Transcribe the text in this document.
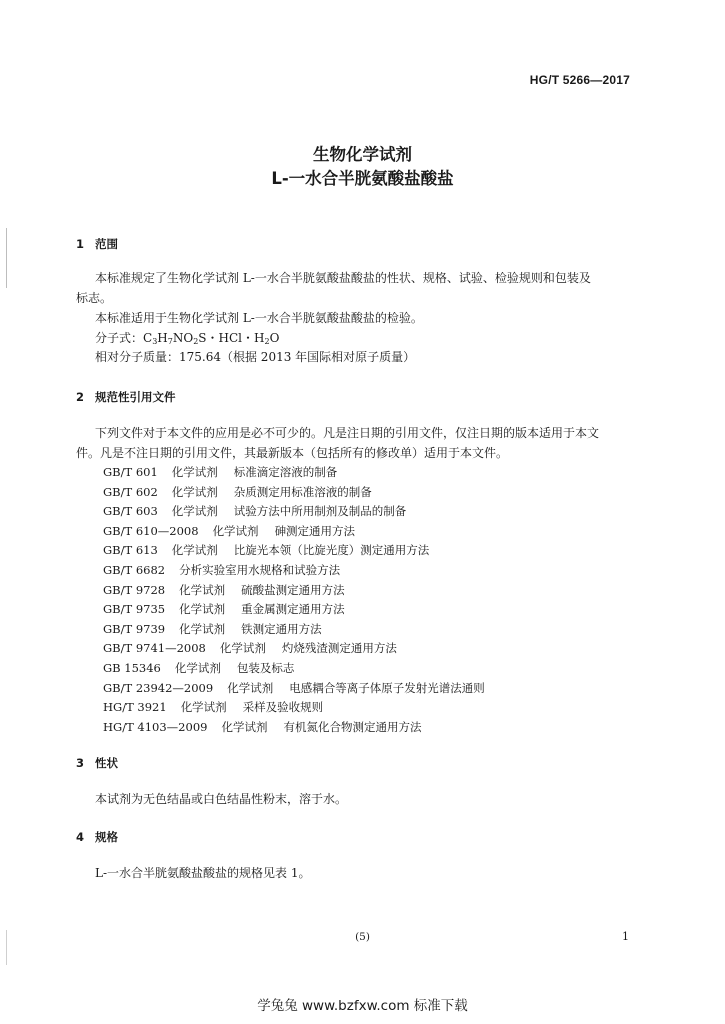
HG/T 5266—2017
生物化学试剂
L-一水合半胱氨酸盐酸盐
1 范围
本标准规定了生物化学试剂 L-一水合半胱氨酸盐酸盐的性状、规格、试验、检验规则和包装及
标志。
本标准适用于生物化学试剂 L-一水合半胱氨酸盐酸盐的检验。
分子式：$C_3H_7NO_2S$・HCl・$H_2O$
相对分子质量：175.64（根据 2013 年国际相对原子质量）
2 规范性引用文件
下列文件对于本文件的应用是必不可少的。凡是注日期的引用文件，仅注日期的版本适用于本文
件。凡是不注日期的引用文件，其最新版本（包括所有的修改单）适用于本文件。
GB/T 601 化学试剂 标准滴定溶液的制备
GB/T 602 化学试剂 杂质测定用标准溶液的制备
GB/T 603 化学试剂 试验方法中所用制剂及制品的制备
GB/T 610—2008 化学试剂 砷测定通用方法
GB/T 613 化学试剂 比旋光本领（比旋光度）测定通用方法
GB/T 6682 分析实验室用水规格和试验方法
GB/T 9728 化学试剂 硫酸盐测定通用方法
GB/T 9735 化学试剂 重金属测定通用方法
GB/T 9739 化学试剂 铁测定通用方法
GB/T 9741—2008 化学试剂 灼烧残渣测定通用方法
GB 15346 化学试剂 包装及标志
GB/T 23942—2009 化学试剂 电感耦合等离子体原子发射光谱法通则
HG/T 3921 化学试剂 采样及验收规则
HG/T 4103—2009 化学试剂 有机氮化合物测定通用方法
3 性状
本试剂为无色结晶或白色结晶性粉末，溶于水。
4 规格
L-一水合半胱氨酸盐酸盐的规格见表 1。
(5)	1
学兔兔 www.bzfxw.com 标准下载
